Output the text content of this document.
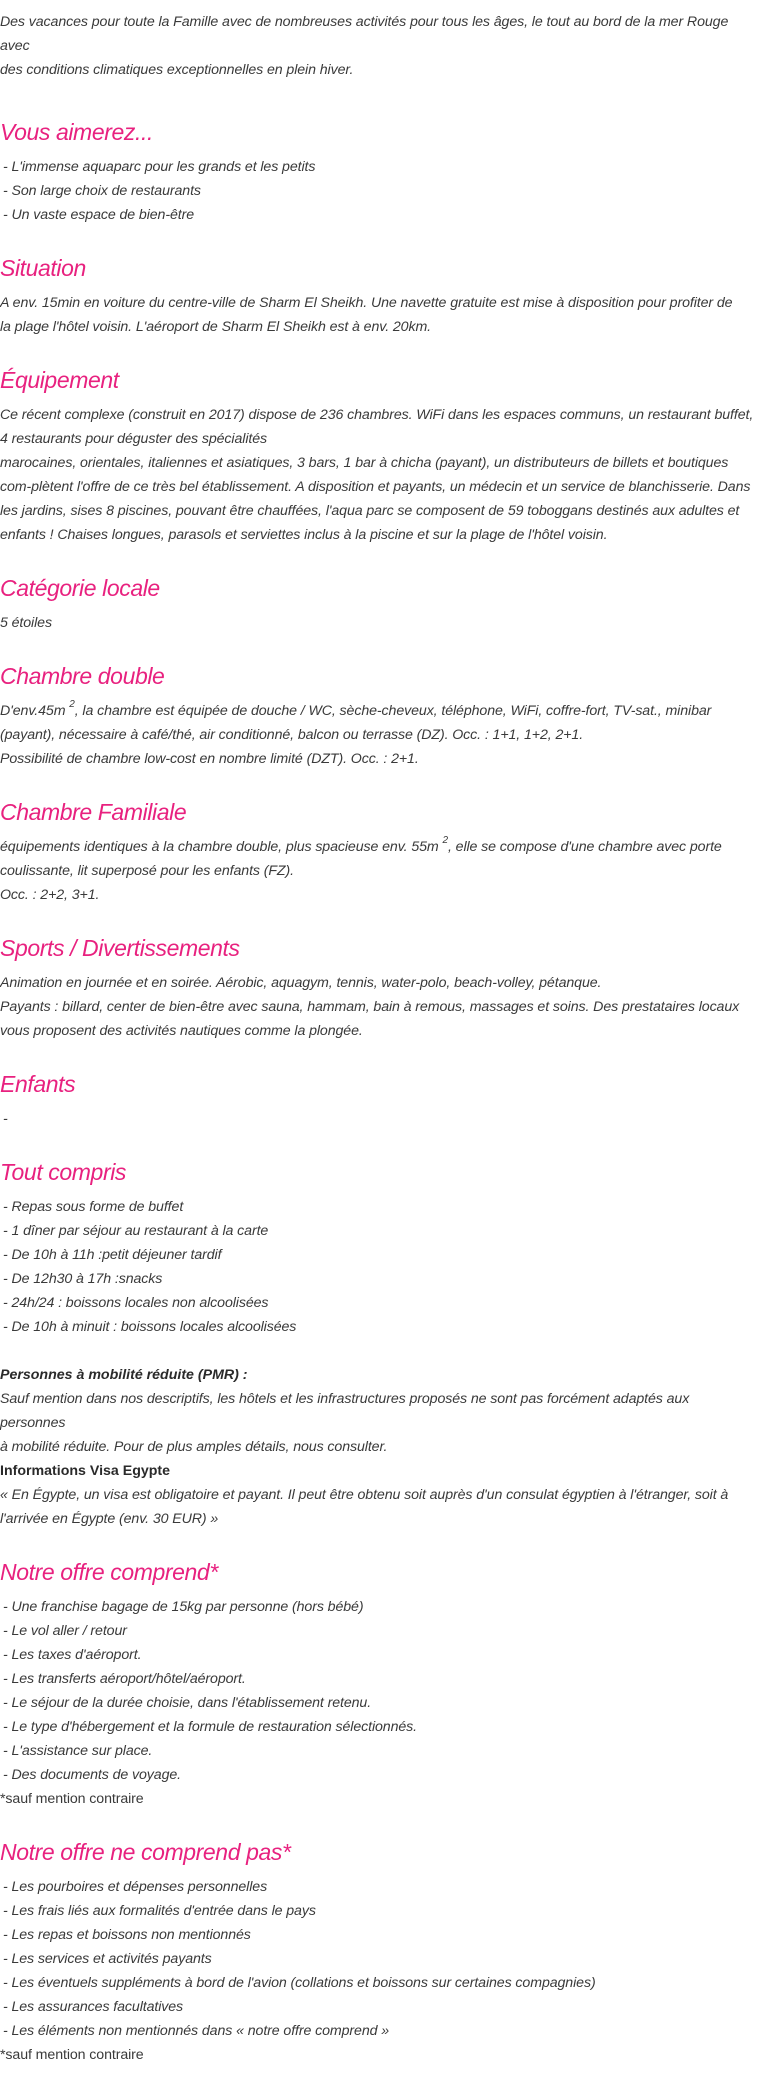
Des vacances pour toute la Famille avec de nombreuses activités pour tous les âges, le tout au bord de la mer Rouge avec
des conditions climatiques exceptionnelles en plein hiver.

Vous aimerez...
- L'immense aquaparc pour les grands et les petits
- Son large choix de restaurants
- Un vaste espace de bien-être
Situation

A env. 15min en voiture du centre-ville de Sharm El Sheikh. Une navette gratuite est mise à disposition pour profiter de
la plage l'hôtel voisin. L'aéroport de Sharm El Sheikh est à env. 20km.

Équipement

Ce récent complexe (construit en 2017) dispose de 236 chambres. WiFi dans les espaces communs, un restaurant buffet,
4 restaurants pour déguster des spécialités
marocaines, orientales, italiennes et asiatiques, 3 bars, 1 bar à chicha (payant), un distributeurs de billets et boutiques
com-plètent l'offre de ce très bel établissement. A disposition et payants, un médecin et un service de blanchisserie. Dans
les jardins, sises 8 piscines, pouvant être chauffées, l'aqua parc se composent de 59 toboggans destinés aux adultes et
enfants ! Chaises longues, parasols et serviettes inclus à la piscine et sur la plage de l'hôtel voisin.

Catégorie locale

5 étoiles

Chambre double

D'env.45m $^2$, la chambre est équipée de douche / WC, sèche-cheveux, téléphone, WiFi, coffre-fort, TV-sat., minibar
(payant), nécessaire à café/thé, air conditionné, balcon ou terrasse (DZ). Occ. : 1+1, 1+2, 2+1.
Possibilité de chambre low-cost en nombre limité (DZT). Occ. : 2+1.

Chambre Familiale

équipements identiques à la chambre double, plus spacieuse env. 55m $^2$, elle se compose d'une chambre avec porte
coulissante, lit superposé pour les enfants (FZ).
Occ. : 2+2, 3+1.

Sports / Divertissements

Animation en journée et en soirée. Aérobic, aquagym, tennis, water-polo, beach-volley, pétanque.
Payants : billard, center de bien-être avec sauna, hammam, bain à remous, massages et soins. Des prestataires locaux
vous proposent des activités nautiques comme la plongée.

Enfants
-
Tout compris
- Repas sous forme de buffet
- 1 dîner par séjour au restaurant à la carte
- De 10h à 11h :petit déjeuner tardif
- De 12h30 à 17h :snacks
- 24h/24 : boissons locales non alcoolisées
- De 10h à minuit : boissons locales alcoolisées
Personnes à mobilité réduite (PMR) :

Sauf mention dans nos descriptifs, les hôtels et les infrastructures proposés ne sont pas forcément adaptés aux personnes
à mobilité réduite. Pour de plus amples détails, nous consulter.

Informations Visa Egypte

« En Égypte, un visa est obligatoire et payant. Il peut être obtenu soit auprès d'un consulat égyptien à l'étranger, soit à
l'arrivée en Égypte (env. 30 EUR) »

Notre offre comprend*
- Une franchise bagage de 15kg par personne (hors bébé)
- Le vol aller / retour
- Les taxes d'aéroport.
- Les transferts aéroport/hôtel/aéroport.
- Le séjour de la durée choisie, dans l'établissement retenu.
- Le type d'hébergement et la formule de restauration sélectionnés.
- L'assistance sur place.
- Des documents de voyage.

*sauf mention contraire

Notre offre ne comprend pas*
- Les pourboires et dépenses personnelles
- Les frais liés aux formalités d'entrée dans le pays
- Les repas et boissons non mentionnés
- Les services et activités payants
- Les éventuels suppléments à bord de l'avion (collations et boissons sur certaines compagnies)
- Les assurances facultatives
- Les éléments non mentionnés dans « notre offre comprend »

*sauf mention contraire
